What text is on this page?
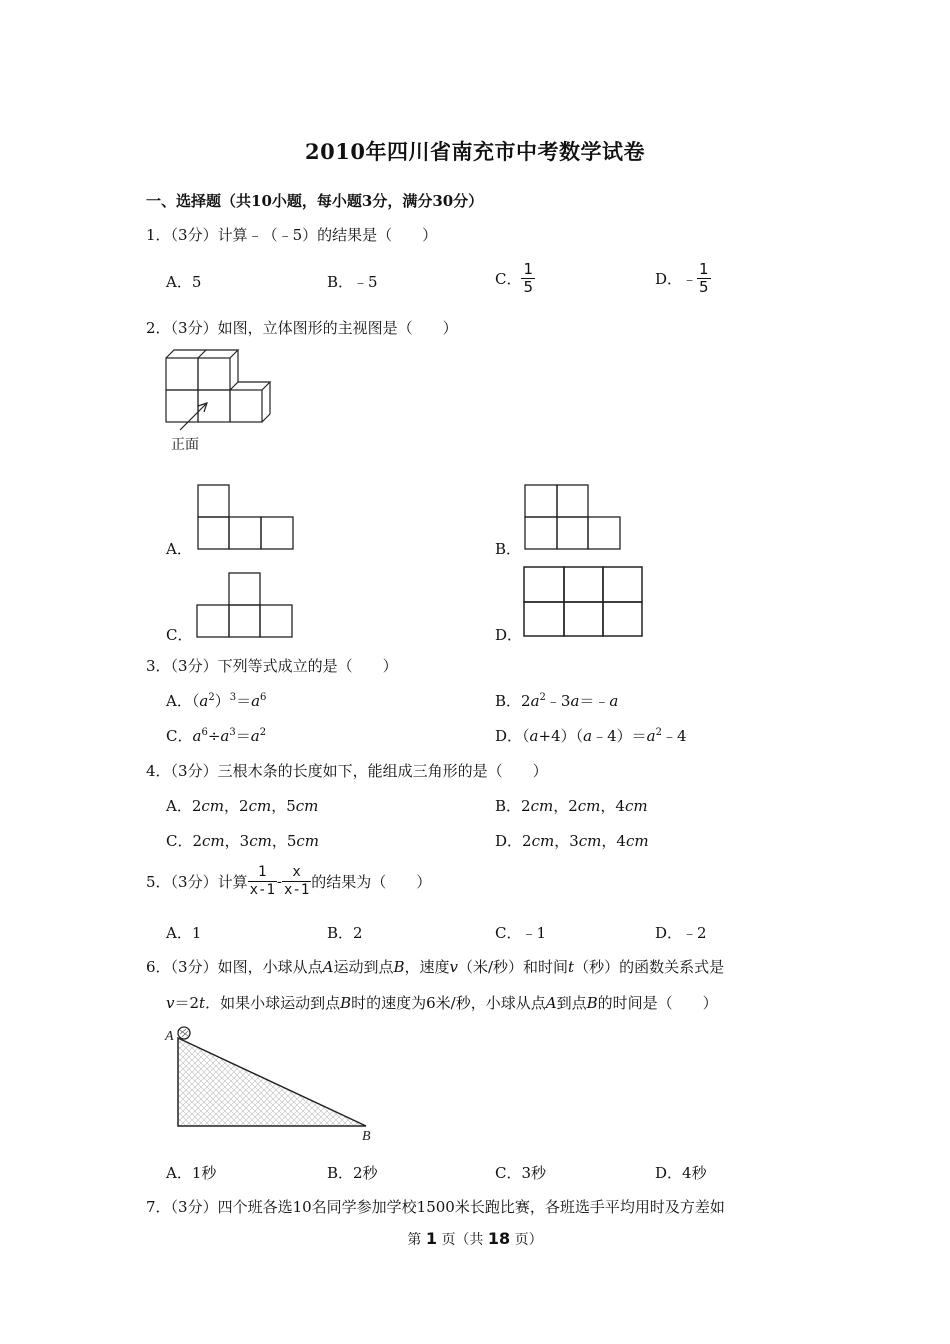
2010年四川省南充市中考数学试卷
一、选择题（共10小题，每小题3分，满分30分）
1．（3分）计算﹣（﹣5）的结果是（　　）
A．5	B．﹣5	C． $\frac{1}{5}$	D．﹣ $\frac{1}{5}$
2．（3分）如图，立体图形的主视图是（　　）
正面
A．	B．
C．	D．
3．（3分）下列等式成立的是（　　）
A．$(a^2)^3=a^6$	B．$2a^2﹣3a=﹣a$
C．$a^6\div a^3=a^2$	D．$(a+4)(a﹣4)=a^2﹣4$
4．（3分）三根木条的长度如下，能组成三角形的是（　　）
A．2cm，2cm，5cm	B．2cm，2cm，4cm
C．2cm，3cm，5cm	D．2cm，3cm，4cm
5．（3分）计算 $\frac{1}{x-1} - \frac{x}{x-1}$ 的结果为（　　）
A．1	B．2	C．﹣1	D．﹣2
6．（3分）如图，小球从点A运动到点B，速度v（米/秒）和时间t（秒）的函数关系式是
v＝2t．如果小球运动到点B时的速度为6米/秒，小球从点A到点B的时间是（　　）
A
B
A．1秒	B．2秒	C．3秒	D．4秒
7．（3分）四个班各选10名同学参加学校1500米长跑比赛，各班选手平均用时及方差如
第 1 页（共 18 页）
